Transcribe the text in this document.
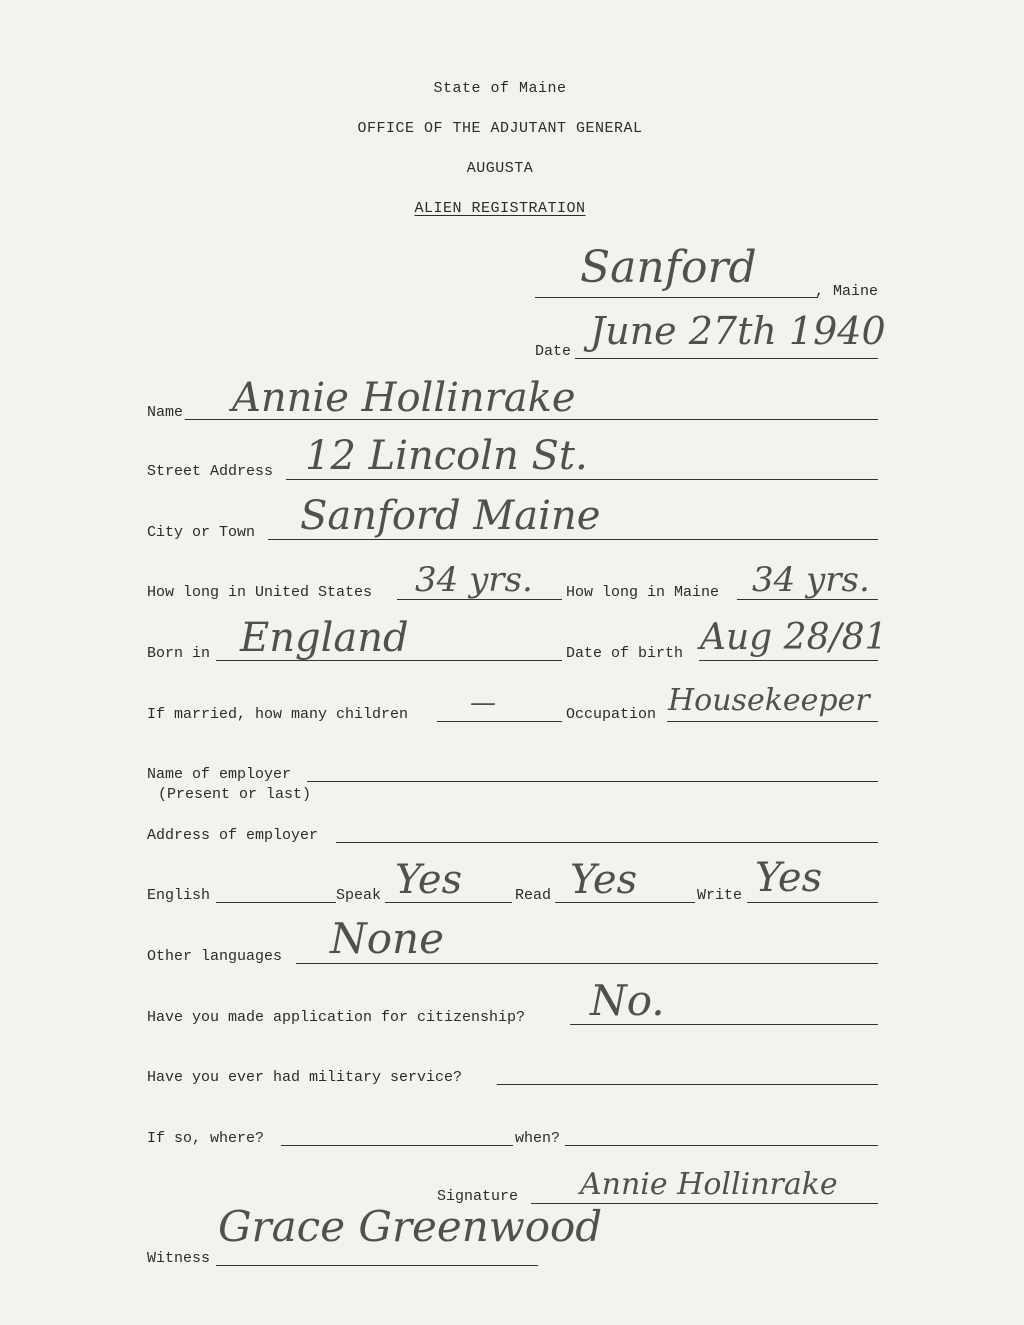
State of Maine
OFFICE OF THE ADJUTANT GENERAL
AUGUSTA
ALIEN REGISTRATION
Sanford	, Maine
Date June 27th 1940
Name Annie Hollinrake
Street Address 12 Lincoln St.
City or Town Sanford Maine
How long in United States 34 yrs. How long in Maine 34 yrs.
Born in England	Date of birth Aug 28/81
If married, how many children —	Occupation Housekeeper
Name of employer
(Present or last)
Address of employer
English	Speak Yes	Read Yes	Write Yes
Other languages None
Have you made application for citizenship? No.
Have you ever had military service?
If so, where?	when?
Signature Annie Hollinrake
Witness
Grace Greenwood
